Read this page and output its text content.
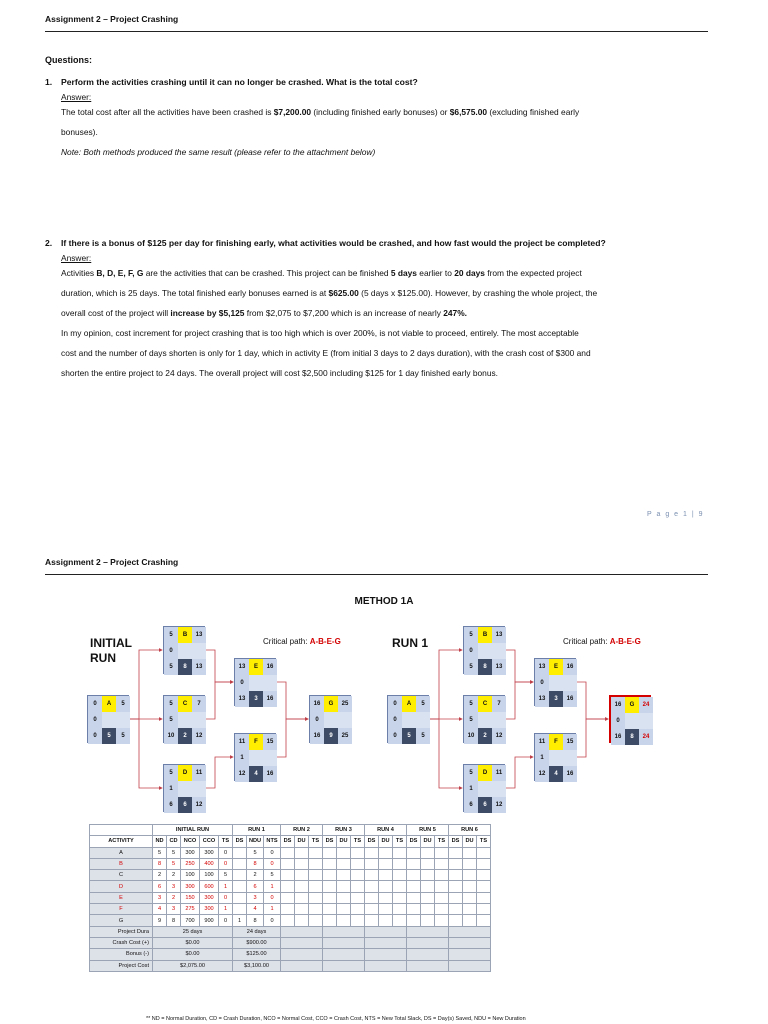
Assignment 2 – Project Crashing
Questions:
1. Perform the activities crashing until it can no longer be crashed. What is the total cost?
Answer:
The total cost after all the activities have been crashed is $7,200.00 (including finished early bonuses) or $6,575.00 (excluding finished early
bonuses).
Note: Both methods produced the same result (please refer to the attachment below)
2. If there is a bonus of $125 per day for finishing early, what activities would be crashed, and how fast would the project be completed?
Answer:
Activities B, D, E, F, G are the activities that can be crashed. This project can be finished 5 days earlier to 20 days from the expected project
duration, which is 25 days. The total finished early bonuses earned is at $625.00 (5 days x $125.00). However, by crashing the whole project, the
overall cost of the project will increase by $5,125 from $2,075 to $7,200 which is an increase of nearly 247%.
In my opinion, cost increment for project crashing that is too high which is over 200%, is not viable to proceed, entirely. The most acceptable
cost and the number of days shorten is only for 1 day, which in activity E (from initial 3 days to 2 days duration), with the crash cost of $300 and
shorten the entire project to 24 days. The overall project will cost $2,500 including $125 for 1 day finished early bonus.
P a g e 1 | 9
Assignment 2 – Project Crashing
METHOD 1A
INITIAL
RUN
RUN 1
Critical path: A-B-E-G	Critical path: A-B-E-G
0
0	A	5
0	5	5
0
0	A	5
0	5	5
0
5	B	13
5	8	13
0
5	B	13
5	8	13
5
5	C	7
10	2	12
5
5	C	7
10	2	12
1
5	D	11
6	6	12
1
5	D	11
6	6	12
0
13	E	16
13	3	16
0
13	E	16
13	3	16
1
11	F	15
12	4	16
1
11	F	15
12	4	16
0
16	G	25
16	9	25
0
16	G	24
16	8	24
	INITIAL RUN					RUN 1			RUN 2			RUN 3			RUN 4			RUN 5			RUN 6		
ACTIVITY	ND	CD	NCO	CCO	TS	DS	NDU	NTS	DS	DU	TS	DS	DU	TS	DS	DU	TS	DS	DU	TS	DS	DU	TS
A	5	5	300	300	0		5	0															
B	8	5	250	400	0		8	0															
C	2	2	100	100	5		2	5															
D	6	3	300	600	1		6	1															
E	3	2	150	300	0		3	0															
F	4	3	275	300	1		4	1															
G	9	8	700	900	0	1	8	0															
Project Dura	25 days					24 days																	
Crash Cost (+)	$0.00					$900.00																	
Bonus (-)	$0.00					$125.00																	
Project Cost	$2,075.00					$3,100.00																	
** ND = Normal Duration, CD = Crash Duration, NCO = Normal Cost, CCO = Crash Cost, NTS = New Total Slack, DS = Day(s) Saved, NDU = New Duration
